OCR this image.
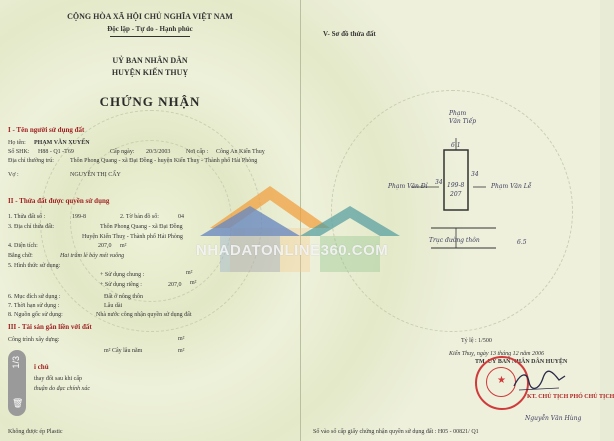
CỘNG HÒA XÃ HỘI CHỦ NGHĨA VIỆT NAM
Độc lập - Tự do - Hạnh phúc
UỶ BAN NHÂN DÂN
HUYỆN KIẾN THUỴ
CHỨNG NHẬN
I - Tên người sử dụng đất
Họ tên: PHẠM VĂN XUYẾN
Số SHK: H88 - Q1 -T69	Cấp ngày: 20/3/2003	Nơi cấp : Công An Kiến Thuỵ
Địa chỉ thường trú:	Thôn Phong Quang - xã Đại Đồng - huyện Kiến Thuỵ - Thành phố Hải Phòng
Vợ :	NGUYỄN THỊ CẤY
II - Thửa đất được quyền sử dụng
1. Thửa đất số :	199-8	2. Tờ bản đồ số:	04
3. Địa chỉ thửa đất:	Thôn Phong Quang - xã Đại Đồng
Huyện Kiến Thuỵ - Thành phố Hải Phòng
4. Diện tích:	207,0 m²
Bằng chữ:	Hai trăm lẻ bảy mét vuông
5. Hình thức sử dụng:
+ Sử dụng chung :	m²
+ Sử dụng riêng :	207,0 m²
6. Mục đích sử dụng :	Đất ở nông thôn
7. Thời hạn sử dụng :	Lâu dài
8. Nguồn gốc sử dụng:	Nhà nước công nhận quyền sử dụng đất
III - Tài sản gắn liền với đất
Công trình xây dựng:	m²
m² Cây lâu năm	m²
i chú
thay đổi sau khi cấp
thuận do đạc chính xác
Không được ép Plastic
V- Sơ đồ thửa đất
Phạm Văn Tiếp
Phạm Văn Đỉ	Phạm Văn Lễ
199-8
207
Trục đường thôn
6.1
34
34
6.5
Tỷ lệ : 1/500
Kiến Thuỵ, ngày 13 tháng 12 năm 2006
TM. UỶ BAN NHÂN DÂN HUYỆN
★
KT. CHỦ TỊCH PHÓ CHỦ TỊCH
Nguyễn Văn Hùng
Số vào sổ cấp giấy chứng nhận quyền sử dụng đất : H05 - 00821/ Q1
NHADATONLINE360.COM
1/3
🗑
